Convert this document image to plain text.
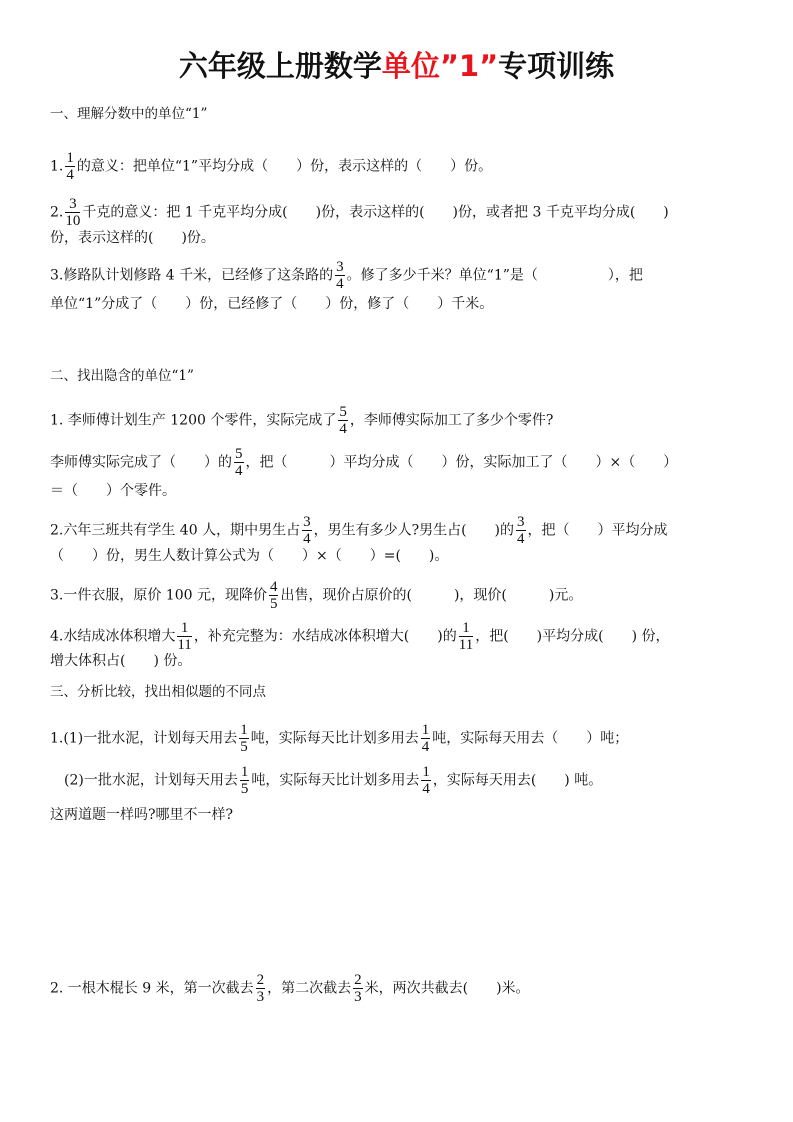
六年级上册数学单位”1”专项训练
一、理解分数中的单位“1”
1. $\frac{1}{4}$ 的意义：把单位“1”平均分成（　　）份，表示这样的（　　）份。
2. $\frac{3}{10}$ 千克的意义：把 1 千克平均分成(　　)份，表示这样的(　　)份，或者把 3 千克平均分成(　　)
份，表示这样的(　　)份。
3.修路队计划修路 4 千米，已经修了这条路的 $\frac{3}{4}$ 。修了多少千米？单位“1”是（　　　　　），把
单位“1”分成了（　　）份，已经修了（　　）份，修了（　　）千米。
二、找出隐含的单位“1”
1. 李师傅计划生产 1200 个零件，实际完成了 $\frac{5}{4}$ ，李师傅实际加工了多少个零件?
李师傅实际完成了（　　）的 $\frac{5}{4}$ ，把（　　　）平均分成（　　）份，实际加工了（　　）×（　　）
＝（　　）个零件。
2.六年三班共有学生 40 人，期中男生占 $\frac{3}{4}$ ，男生有多少人?男生占(　　)的 $\frac{3}{4}$ ，把（　　）平均分成
（　　）份，男生人数计算公式为（　　）×（　　）=(　　)。
3.一件衣服，原价 100 元，现降价 $\frac{4}{5}$ 出售，现价占原价的(　　　)，现价(　　　)元。
4.水结成冰体积增大 $\frac{1}{11}$ ，补充完整为：水结成冰体积增大(　　)的 $\frac{1}{11}$ ，把(　　)平均分成(　　) 份，
增大体积占(　　) 份。
三、分析比较，找出相似题的不同点
1.(1)一批水泥，计划每天用去 $\frac{1}{5}$ 吨，实际每天比计划多用去 $\frac{1}{4}$ 吨，实际每天用去（　　）吨；
(2)一批水泥，计划每天用去 $\frac{1}{5}$ 吨，实际每天比计划多用去 $\frac{1}{4}$ ，实际每天用去(　　) 吨。
这两道题一样吗?哪里不一样?
2. 一根木棍长 9 米，第一次截去 $\frac{2}{3}$ ，第二次截去 $\frac{2}{3}$ 米，两次共截去(　　)米。
